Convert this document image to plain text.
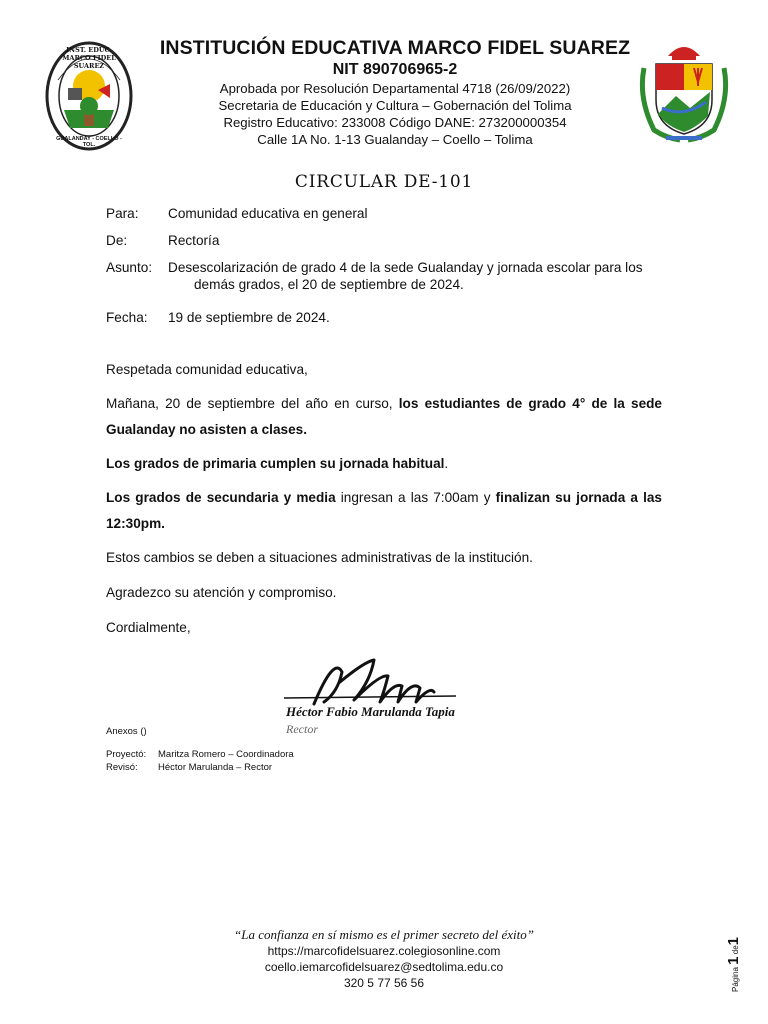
INST. EDUC. MARCO FIDEL SUAREZ
GUALANDAY - COELLO - TOL.
INSTITUCIÓN EDUCATIVA MARCO FIDEL SUAREZ
NIT 890706965-2
Aprobada por Resolución Departamental 4718 (26/09/2022)
Secretaria de Educación y Cultura – Gobernación del Tolima
Registro Educativo: 233008 Código DANE: 273200000354
Calle 1A No. 1-13 Gualanday – Coello – Tolima
CIRCULAR DE-101
Para: Comunidad educativa en general
De:	Rectoría
Asunto: Desescolarización de grado 4 de la sede Gualanday y jornada escolar para los
demás grados, el 20 de septiembre de 2024.
Fecha: 19 de septiembre de 2024.
Respetada comunidad educativa,
Mañana, 20 de septiembre del año en curso, los estudiantes de grado 4° de la sede Gualanday no asisten a clases.
Los grados de primaria cumplen su jornada habitual.
Los grados de secundaria y media ingresan a las 7:00am y finalizan su jornada a las 12:30pm.
Estos cambios se deben a situaciones administrativas de la institución.
Agradezco su atención y compromiso.
Cordialmente,
Héctor Fabio Marulanda Tapia
Rector
Anexos ()
Proyectó: Maritza Romero – Coordinadora
Revisó: Héctor Marulanda – Rector
“La confianza en sí mismo es el primer secreto del éxito”
https://marcofidelsuarez.colegiosonline.com
coello.iemarcofidelsuarez@sedtolima.edu.co
320 5 77 56 56	Página 1 de1
